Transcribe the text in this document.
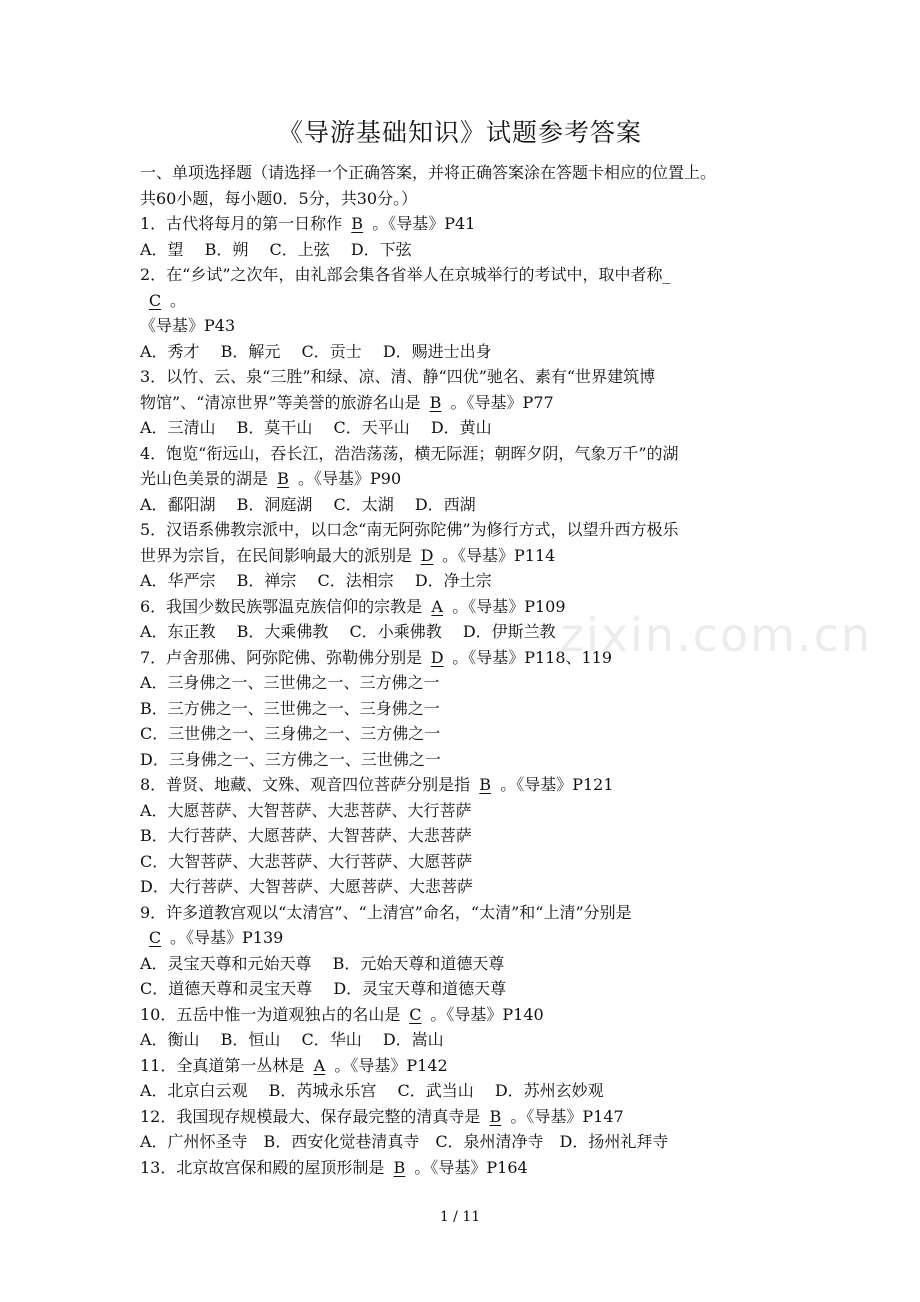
《导游基础知识》试题参考答案
一、单项选择题（请选择一个正确答案，并将正确答案涂在答题卡相应的位置上。
共60小题，每小题0．5分，共30分。）
1．古代将每月的第一日称作 B 。《导基》P41
A．望　 B．朔　 C．上弦　 D．下弦
2．在“乡试”之次年，由礼部会集各省举人在京城举行的考试中，取中者称_
C 。
《导基》P43
A．秀才　 B．解元　 C．贡士　 D．赐进士出身
3．以竹、云、泉“三胜”和绿、凉、清、静“四优”驰名、素有“世界建筑博
物馆”、“清凉世界”等美誉的旅游名山是 B 。《导基》P77
A．三清山　 B．莫干山　 C．天平山　 D．黄山
4．饱览“衔远山，吞长江，浩浩荡荡，横无际涯；朝晖夕阴，气象万千”的湖
光山色美景的湖是 B 。《导基》P90
A．鄱阳湖　 B．洞庭湖　 C．太湖　 D．西湖
5．汉语系佛教宗派中，以口念“南无阿弥陀佛”为修行方式，以望升西方极乐
世界为宗旨，在民间影响最大的派别是 D 。《导基》P114
A．华严宗　 B．禅宗　 C．法相宗　 D．净土宗
6．我国少数民族鄂温克族信仰的宗教是 A 。《导基》P109
A．东正教　 B．大乘佛教　 C．小乘佛教　 D．伊斯兰教
7．卢舍那佛、阿弥陀佛、弥勒佛分别是 D 。《导基》P118、119
A．三身佛之一、三世佛之一、三方佛之一
B．三方佛之一、三世佛之一、三身佛之一
C．三世佛之一、三身佛之一、三方佛之一
D．三身佛之一、三方佛之一、三世佛之一
8．普贤、地藏、文殊、观音四位菩萨分别是指 B 。《导基》P121
A．大愿菩萨、大智菩萨、大悲菩萨、大行菩萨
B．大行菩萨、大愿菩萨、大智菩萨、大悲菩萨
C．大智菩萨、大悲菩萨、大行菩萨、大愿菩萨
D．大行菩萨、大智菩萨、大愿菩萨、大悲菩萨
9．许多道教宫观以“太清宫”、“上清宫”命名，“太清”和“上清”分别是
C 。《导基》P139
A．灵宝天尊和元始天尊　 B．元始天尊和道德天尊
C．道德天尊和灵宝天尊　 D．灵宝天尊和道德天尊
10．五岳中惟一为道观独占的名山是 C 。《导基》P140
A．衡山　 B．恒山　 C．华山　 D．嵩山
11．全真道第一丛林是 A 。《导基》P142
A．北京白云观　 B．芮城永乐宫　 C．武当山　 D．苏州玄妙观
12．我国现存规模最大、保存最完整的清真寺是 B 。《导基》P147
A．广州怀圣寺　B．西安化觉巷清真寺　C．泉州清净寺　D．扬州礼拜寺
13．北京故宫保和殿的屋顶形制是 B 。《导基》P164
zixin.com.cn
1 / 11
